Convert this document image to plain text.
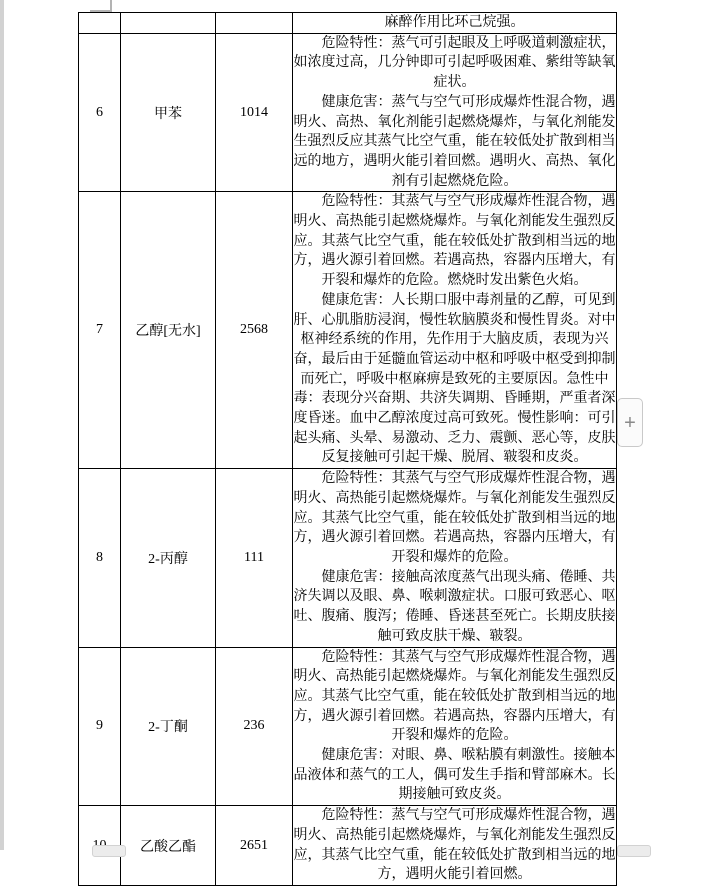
			麻醉作用比环己烷强。

6	甲苯	1014	危险特性：蒸气可引起眼及上呼吸道刺激症状，如浓度过高，几分钟即可引起呼吸困难、紫绀等缺氧症状。

健康危害：蒸气与空气可形成爆炸性混合物，遇明火、高热、氧化剂能引起燃烧爆炸，与氧化剂能发生强烈反应其蒸气比空气重，能在较低处扩散到相当远的地方，遇明火能引着回燃。遇明火、高热、氧化剂有引起燃烧危险。

7	乙醇[无水]	2568	危险特性：其蒸气与空气形成爆炸性混合物，遇明火、高热能引起燃烧爆炸。与氧化剂能发生强烈反应。其蒸气比空气重，能在较低处扩散到相当远的地方，遇火源引着回燃。若遇高热，容器内压增大，有开裂和爆炸的危险。燃烧时发出紫色火焰。

健康危害：人长期口服中毒剂量的乙醇，可见到肝、心肌脂肪浸润，慢性软脑膜炎和慢性胃炎。对中枢神经系统的作用，先作用于大脑皮质，表现为兴奋，最后由于延髓血管运动中枢和呼吸中枢受到抑制而死亡，呼吸中枢麻痹是致死的主要原因。急性中毒：表现分兴奋期、共济失调期、昏睡期，严重者深度昏迷。血中乙醇浓度过高可致死。慢性影响：可引起头痛、头晕、易激动、乏力、震颤、恶心等，皮肤反复接触可引起干燥、脱屑、皲裂和皮炎。

8	2-丙醇	111	危险特性：其蒸气与空气形成爆炸性混合物，遇明火、高热能引起燃烧爆炸。与氧化剂能发生强烈反应。其蒸气比空气重，能在较低处扩散到相当远的地方，遇火源引着回燃。若遇高热，容器内压增大，有开裂和爆炸的危险。

健康危害：接触高浓度蒸气出现头痛、倦睡、共济失调以及眼、鼻、喉刺激症状。口服可致恶心、呕吐、腹痛、腹泻；倦睡、昏迷甚至死亡。长期皮肤接触可致皮肤干燥、皲裂。

9	2-丁酮	236	危险特性：其蒸气与空气形成爆炸性混合物，遇明火、高热能引起燃烧爆炸。与氧化剂能发生强烈反应。其蒸气比空气重，能在较低处扩散到相当远的地方，遇火源引着回燃。若遇高热，容器内压增大，有开裂和爆炸的危险。

健康危害：对眼、鼻、喉粘膜有刺激性。接触本品液体和蒸气的工人，偶可发生手指和臂部麻木。长期接触可致皮炎。

	乙酸乙酯	2651	危险特性：蒸气与空气可形成爆炸性混合物，遇明火、高热能引起燃烧爆炸，与氧化剂能发生强烈反应，其蒸气比空气重，能在较低处扩散到相当远的地方，遇明火能引着回燃。

+
